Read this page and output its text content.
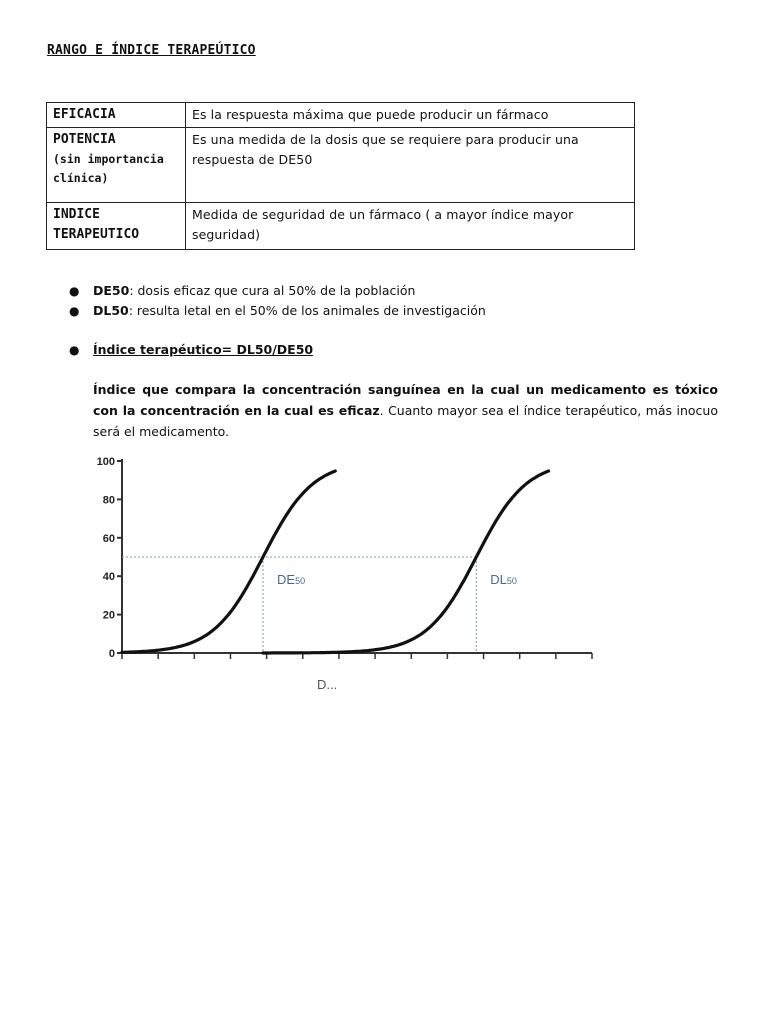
RANGO E ÍNDICE TERAPEÚTICO
EFICACIA	Es la respuesta máxima que puede producir un fármaco
POTENCIA
(sin importancia clínica)	Es una medida de la dosis que se requiere para producir una respuesta de DE50
INDICE TERAPEUTICO	Medida de seguridad de un fármaco ( a mayor índice mayor seguridad)
● DE50: dosis eficaz que cura al 50% de la población
● DL50: resulta letal en el 50% de los animales de investigación
● Índice terapéutico= DL50/DE50
Índice que compara la concentración sanguínea en la cual un medicamento es tóxico con la concentración en la cual es eficaz. Cuanto mayor sea el índice terapéutico, más inocuo será el medicamento.
100
80
60
40
20
0
DE50	DL50
D...
